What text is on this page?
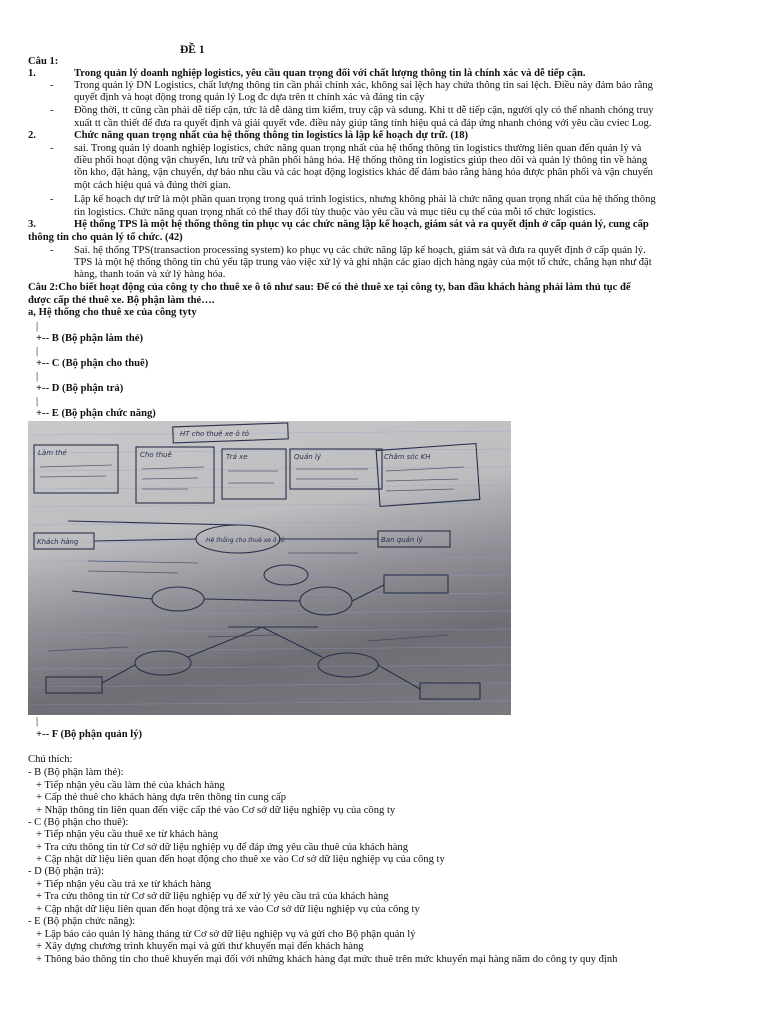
ĐỀ 1
Câu 1:
1.	Trong quản lý doanh nghiệp logistics, yêu cầu quan trọng đối với chất lượng thông tin là chính xác và dễ tiếp cận.
- Trong quản lý DN Logistics, chất lượng thông tin cần phải chính xác, không sai lệch hay chứa thông tin sai lệch. Điều này đảm bảo rằng
quyết định và hoạt động trong quản lý Log đc dựa trên tt chính xác và đáng tin cậy
- Đồng thời, tt cũng cần phải dễ tiếp cận, tức là dễ dàng tìm kiếm, truy cập và sdung. Khi tt dễ tiếp cận, người qly có thể nhanh chóng truy
xuất tt cần thiết để đưa ra quyết định và giải quyết vđe. điều này giúp tăng tính hiệu quả cả đáp ứng nhanh chóng với yêu cầu cviec Log.
2.	Chức năng quan trọng nhất của hệ thống thông tin logistics là lập kế hoạch dự trữ. (18)
- sai. Trong quản lý doanh nghiệp logistics, chức năng quan trọng nhất của hệ thống thông tin logistics thường liên quan đến quản lý và
điều phối hoạt động vận chuyển, lưu trữ và phân phối hàng hóa. Hệ thống thông tin logistics giúp theo dõi và quản lý thông tin về hàng
tồn kho, đặt hàng, vận chuyển, dự báo nhu cầu và các hoạt động logistics khác để đảm bảo rằng hàng hóa được phân phối và vận chuyển
một cách hiệu quả và đúng thời gian.
- Lập kế hoạch dự trữ là một phần quan trọng trong quá trình logistics, nhưng không phải là chức năng quan trọng nhất của hệ thống thông
tin logistics. Chức năng quan trọng nhất có thể thay đổi tùy thuộc vào yêu cầu và mục tiêu cụ thể của mỗi tổ chức logistics.
3.	Hệ thống TPS là một hệ thống thông tin phục vụ các chức năng lập kế hoạch, giám sát và ra quyết định ở cấp quản lý, cung cấp
thông tin cho quản lý tổ chức. (42)
- Sai. hệ thống TPS(transaction processing system) ko phục vụ các chức năng lập kế hoạch, giám sát và đưa ra quyết định ở cấp quản lý.
TPS là một hệ thống thông tin chủ yếu tập trung vào việc xử lý và ghi nhận các giao dịch hàng ngày của một tổ chức, chẳng hạn như đặt
hàng, thanh toán và xử lý hàng hóa.
Câu 2:Cho biết hoạt động của công ty cho thuê xe ô tô như sau: Để có thẻ thuê xe tại công ty, ban đầu khách hàng phải làm thủ tục để
được cấp thẻ thuê xe. Bộ phận làm thẻ….
a, Hệ thống cho thuê xe của công tyty
|
+-- B (Bộ phận làm thẻ)
|
+-- C (Bộ phận cho thuê)
|
+-- D (Bộ phận trả)
|
+-- E (Bộ phận chức năng)
HT cho thuê xe ô tô
Làm thẻ	Cho thuê	Trả xe	Quản lý	Chăm sóc KH
Khách hàng	Ban quản lý
Hệ thống cho thuê xe ô tô
|
+-- F (Bộ phận quản lý)
Chú thích:
- B (Bộ phận làm thẻ):
+ Tiếp nhận yêu cầu làm thẻ của khách hàng
+ Cấp thẻ thuê cho khách hàng dựa trên thông tin cung cấp
+ Nhập thông tin liên quan đến việc cấp thẻ vào Cơ sở dữ liệu nghiệp vụ của công ty
- C (Bộ phận cho thuê):
+ Tiếp nhận yêu cầu thuê xe từ khách hàng
+ Tra cứu thông tin từ Cơ sở dữ liệu nghiệp vụ để đáp ứng yêu cầu thuê của khách hàng
+ Cập nhật dữ liệu liên quan đến hoạt động cho thuê xe vào Cơ sở dữ liệu nghiệp vụ của công ty
- D (Bộ phận trả):
+ Tiếp nhận yêu cầu trả xe từ khách hàng
+ Tra cứu thông tin từ Cơ sở dữ liệu nghiệp vụ để xử lý yêu cầu trả của khách hàng
+ Cập nhật dữ liệu liên quan đến hoạt động trả xe vào Cơ sở dữ liệu nghiệp vụ của công ty
- E (Bộ phận chức năng):
+ Lập báo cáo quản lý hàng tháng từ Cơ sở dữ liệu nghiệp vụ và gửi cho Bộ phận quản lý
+ Xây dựng chương trình khuyến mại và gửi thư khuyến mại đến khách hàng
+ Thông báo thông tin cho thuê khuyến mại đối với những khách hàng đạt mức thuê trên mức khuyến mại hàng năm do công ty quy định
